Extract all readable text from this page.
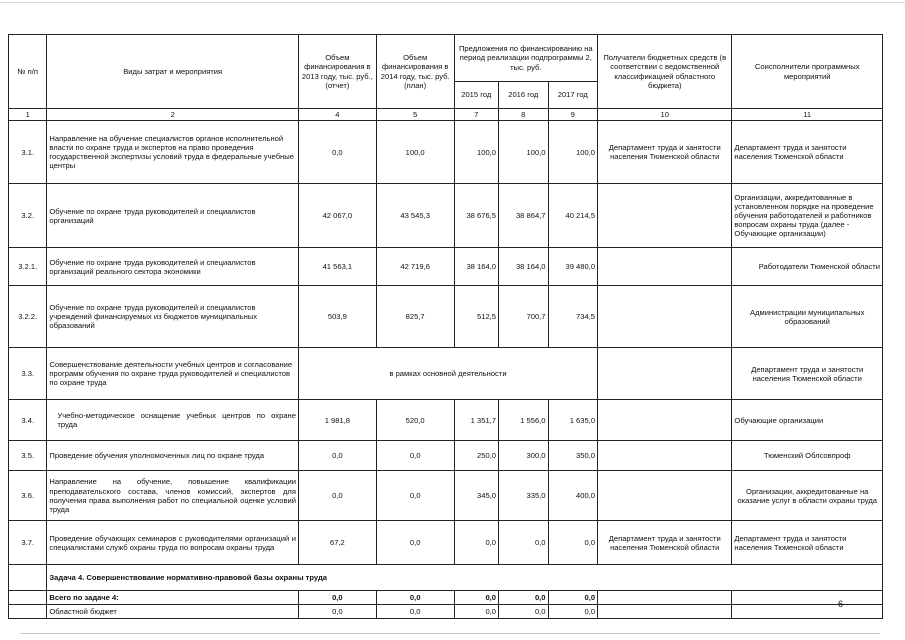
№ п/п	Виды затрат и мероприятия	Объем финансирования в 2013 году, тыс. руб., (отчет)	Объем финансирования в 2014 году, тыс. руб. (план)	Предложения по финансированию на период реализации подпрограммы 2, тыс. руб.			Получатели бюджетных средств (в соответствии с ведомственной классификацией областного бюджета)	Соисполнители программных мероприятий
				2015 год	2016 год	2017 год		
1	2	4	5	7	8	9	10	11
3.1.	Направление на обучение специалистов органов исполнительной власти по охране труда и экспертов на право проведения государственной экспертизы условий труда в федеральные учебные центры	0,0	100,0	100,0	100,0	100,0	Департамент труда и занятости населения Тюменской области	Департамент труда и занятости населения Тюменской области
3.2.	Обучение по охране труда руководителей и специалистов организаций	42 067,0	43 545,3	38 676,5	38 864,7	40 214,5		Организации, аккредитованные в установленном порядке на проведение обучения работодателей и работников вопросам охраны труда (далее - Обучающие организации)
3.2.1.	Обучение по охране труда руководителей и специалистов организаций реального сектора экономики	41 563,1	42 719,6	38 164,0	38 164,0	39 480,0		Работодатели Тюменской области
3.2.2.	Обучение по охране труда руководителей и специалистов учреждений финансируемых из бюджетов муниципальных образований	503,9	825,7	512,5	700,7	734,5		Администрации муниципальных образований
3.3.	Совершенствование деятельности учебных центров и согласование программ обучения по охране труда руководителей и специалистов по охране труда	в рамках основной деятельности						Департамент труда и занятости населения Тюменской области
3.4.	Учебно-методическое оснащение учебных центров по охране труда	1 981,8	520,0	1 351,7	1 556,0	1 635,0		Обучающие организации
3.5.	Проведение обучения уполномоченных лиц по охране труда	0,0	0,0	250,0	300,0	350,0		Тюменский Облсовпроф
3.6.	Направление на обучение, повышение квалификации преподавательского состава, членов комиссий, экспертов для получения права выполнения работ по специальной оценке условий труда	0,0	0,0	345,0	335,0	400,0		Организации, аккредитованные на оказание услуг в области охраны труда
3.7.	Проведение обучающих семинаров с руководителями организаций и специалистами служб охраны труда по вопросам охраны труда	67,2	0,0	0,0	0,0	0,0	Департамент труда и занятости населения Тюменской области	Департамент труда и занятости населения Тюменской области
	Задача 4. Совершенствование нормативно-правовой базы охраны труда							
	Всего по задаче 4:	0,0	0,0	0,0	0,0	0,0		
	Областной бюджет	0,0	0,0	0,0	0,0	0,0		
6
